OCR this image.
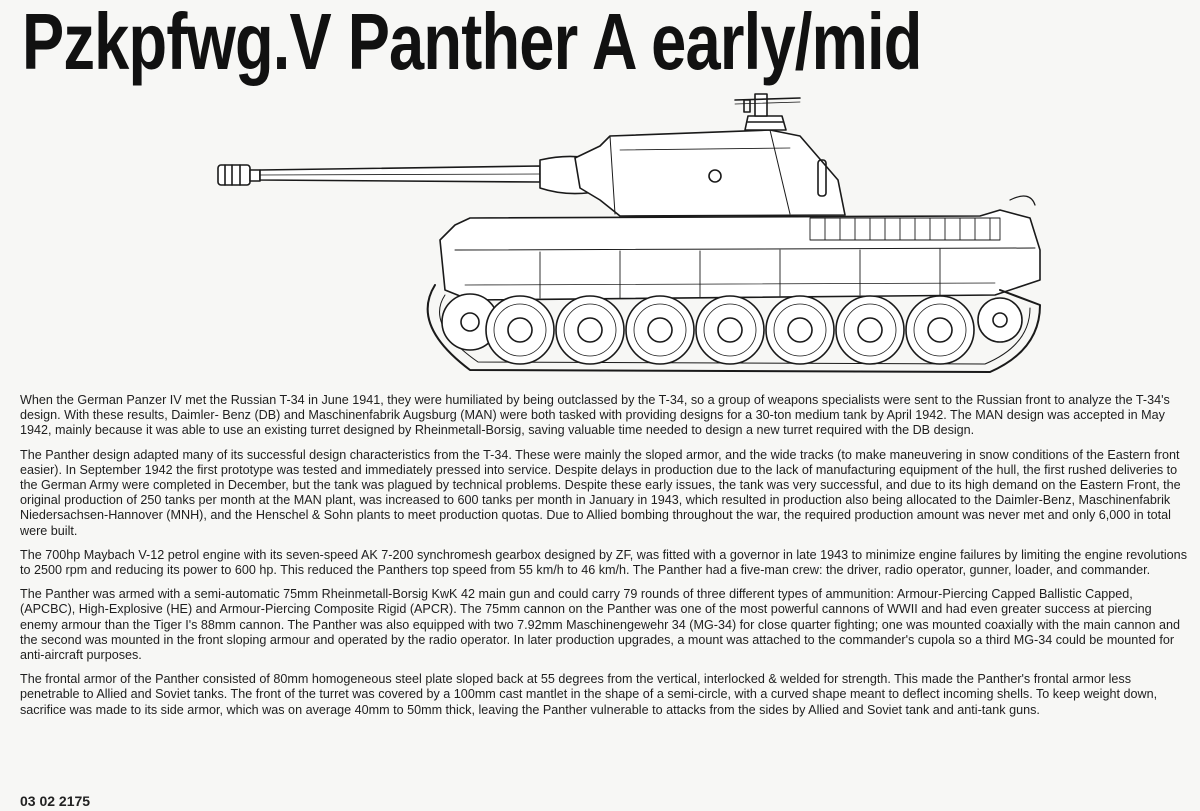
Pzkpfwg.V Panther A early/mid

When the German Panzer IV met the Russian T-34 in June 1941, they were humiliated by being outclassed by the T-34, so a group of weapons specialists were sent to the Russian front to analyze the T-34's design. With these results, Daimler- Benz (DB) and Maschinenfabrik Augsburg (MAN) were both tasked with providing designs for a 30-ton medium tank by April 1942. The MAN design was accepted in May 1942, mainly because it was able to use an existing turret designed by Rheinmetall-Borsig, saving valuable time needed to design a new turret required with the DB design.

The Panther design adapted many of its successful design characteristics from the T-34. These were mainly the sloped armor, and the wide tracks (to make maneuvering in snow conditions of the Eastern front easier). In September 1942 the first prototype was tested and immediately pressed into service. Despite delays in production due to the lack of manufacturing equipment of the hull, the first rushed deliveries to the German Army were completed in December, but the tank was plagued by technical problems. Despite these early issues, the tank was very successful, and due to its high demand on the Eastern Front, the original production of 250 tanks per month at the MAN plant, was increased to 600 tanks per month in January in 1943, which resulted in production also being allocated to the Daimler-Benz, Maschinenfabrik Niedersachsen-Hannover (MNH), and the Henschel & Sohn plants to meet production quotas. Due to Allied bombing throughout the war, the required production amount was never met and only 6,000 in total were built.

The 700hp Maybach V-12 petrol engine with its seven-speed AK 7-200 synchromesh gearbox designed by ZF, was fitted with a governor in late 1943 to minimize engine failures by limiting the engine revolutions to 2500 rpm and reducing its power to 600 hp. This reduced the Panthers top speed from 55 km/h to 46 km/h. The Panther had a five-man crew: the driver, radio operator, gunner, loader, and commander.

The Panther was armed with a semi-automatic 75mm Rheinmetall-Borsig KwK 42 main gun and could carry 79 rounds of three different types of ammunition: Armour-Piercing Capped Ballistic Capped, (APCBC), High-Explosive (HE) and Armour-Piercing Composite Rigid (APCR). The 75mm cannon on the Panther was one of the most powerful cannons of WWII and had even greater success at piercing enemy armour than the Tiger I's 88mm cannon. The Panther was also equipped with two 7.92mm Maschinengewehr 34 (MG-34) for close quarter fighting; one was mounted coaxially with the main cannon and the second was mounted in the front sloping armour and operated by the radio operator. In later production upgrades, a mount was attached to the commander's cupola so a third MG-34 could be mounted for anti-aircraft purposes.

The frontal armor of the Panther consisted of 80mm homogeneous steel plate sloped back at 55 degrees from the vertical, interlocked & welded for strength. This made the Panther's frontal armor less penetrable to Allied and Soviet tanks. The front of the turret was covered by a 100mm cast mantlet in the shape of a semi-circle, with a curved shape meant to deflect incoming shells. To keep weight down, sacrifice was made to its side armor, which was on average 40mm to 50mm thick, leaving the Panther vulnerable to attacks from the sides by Allied and Soviet tank and anti-tank guns.

03 02 2175
